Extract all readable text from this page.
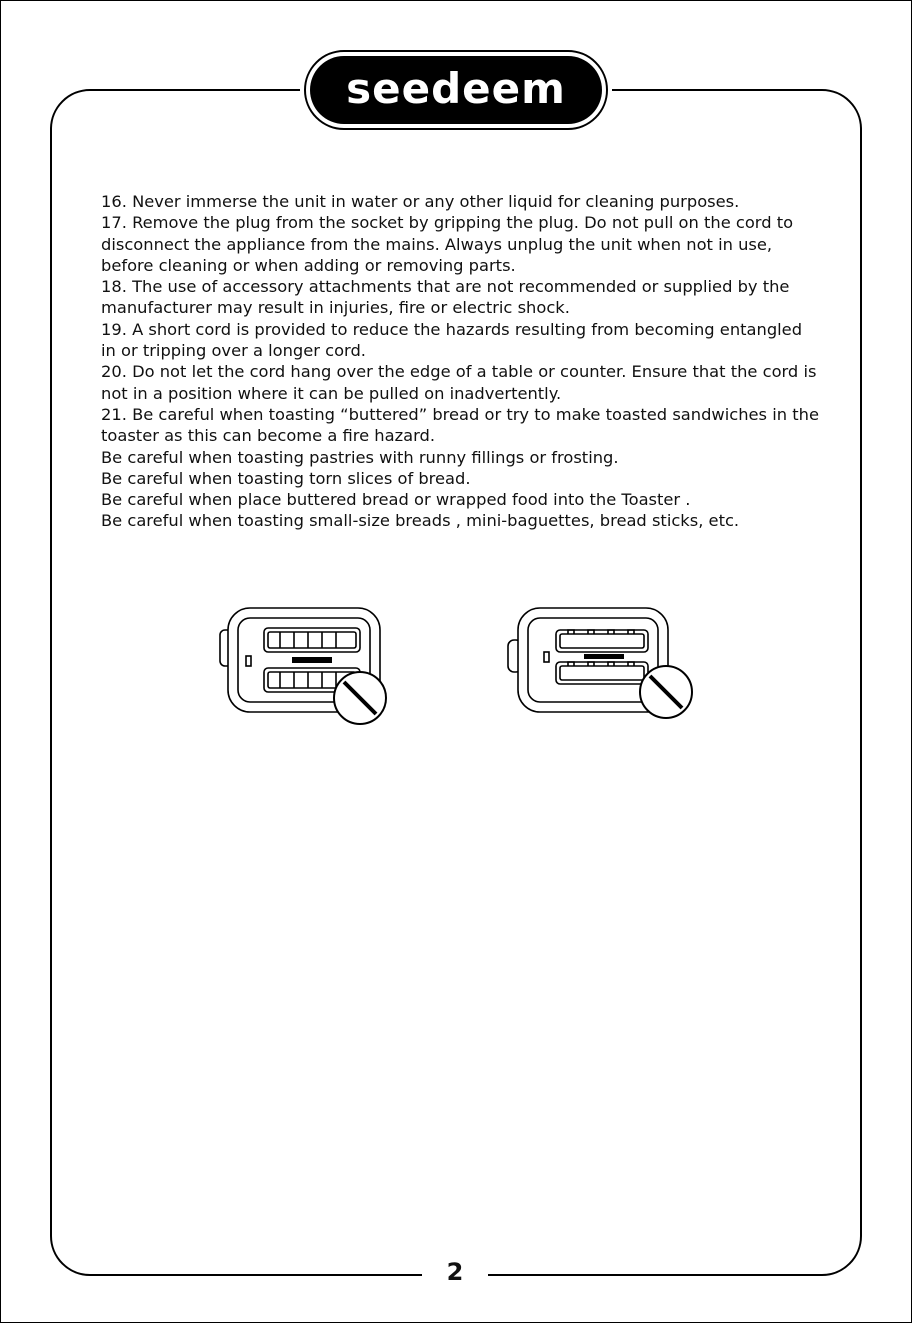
seedeem

16. Never immerse the unit in water or any other liquid for cleaning purposes.

17. Remove the plug from the socket by gripping the plug. Do not pull on the cord to disconnect the appliance from the mains. Always unplug the unit when not in use, before cleaning or when adding or removing parts.

18. The use of accessory attachments that are not recommended or supplied by the manufacturer may result in injuries, fire or electric shock.

19. A short cord is provided to reduce the hazards resulting from becoming entangled in or tripping over a longer cord.

20. Do not let the cord hang over the edge of a table or counter. Ensure that the cord is not in a position where it can be pulled on inadvertently.

21. Be careful when toasting “buttered” bread or try to make toasted sandwiches in the toaster as this can become a fire hazard.

Be careful when toasting pastries with runny fillings or frosting.

Be careful when toasting torn slices of bread.

Be careful when place buttered bread or wrapped food into the Toaster .

Be careful when toasting small-size breads , mini-baguettes, bread sticks, etc.

2
